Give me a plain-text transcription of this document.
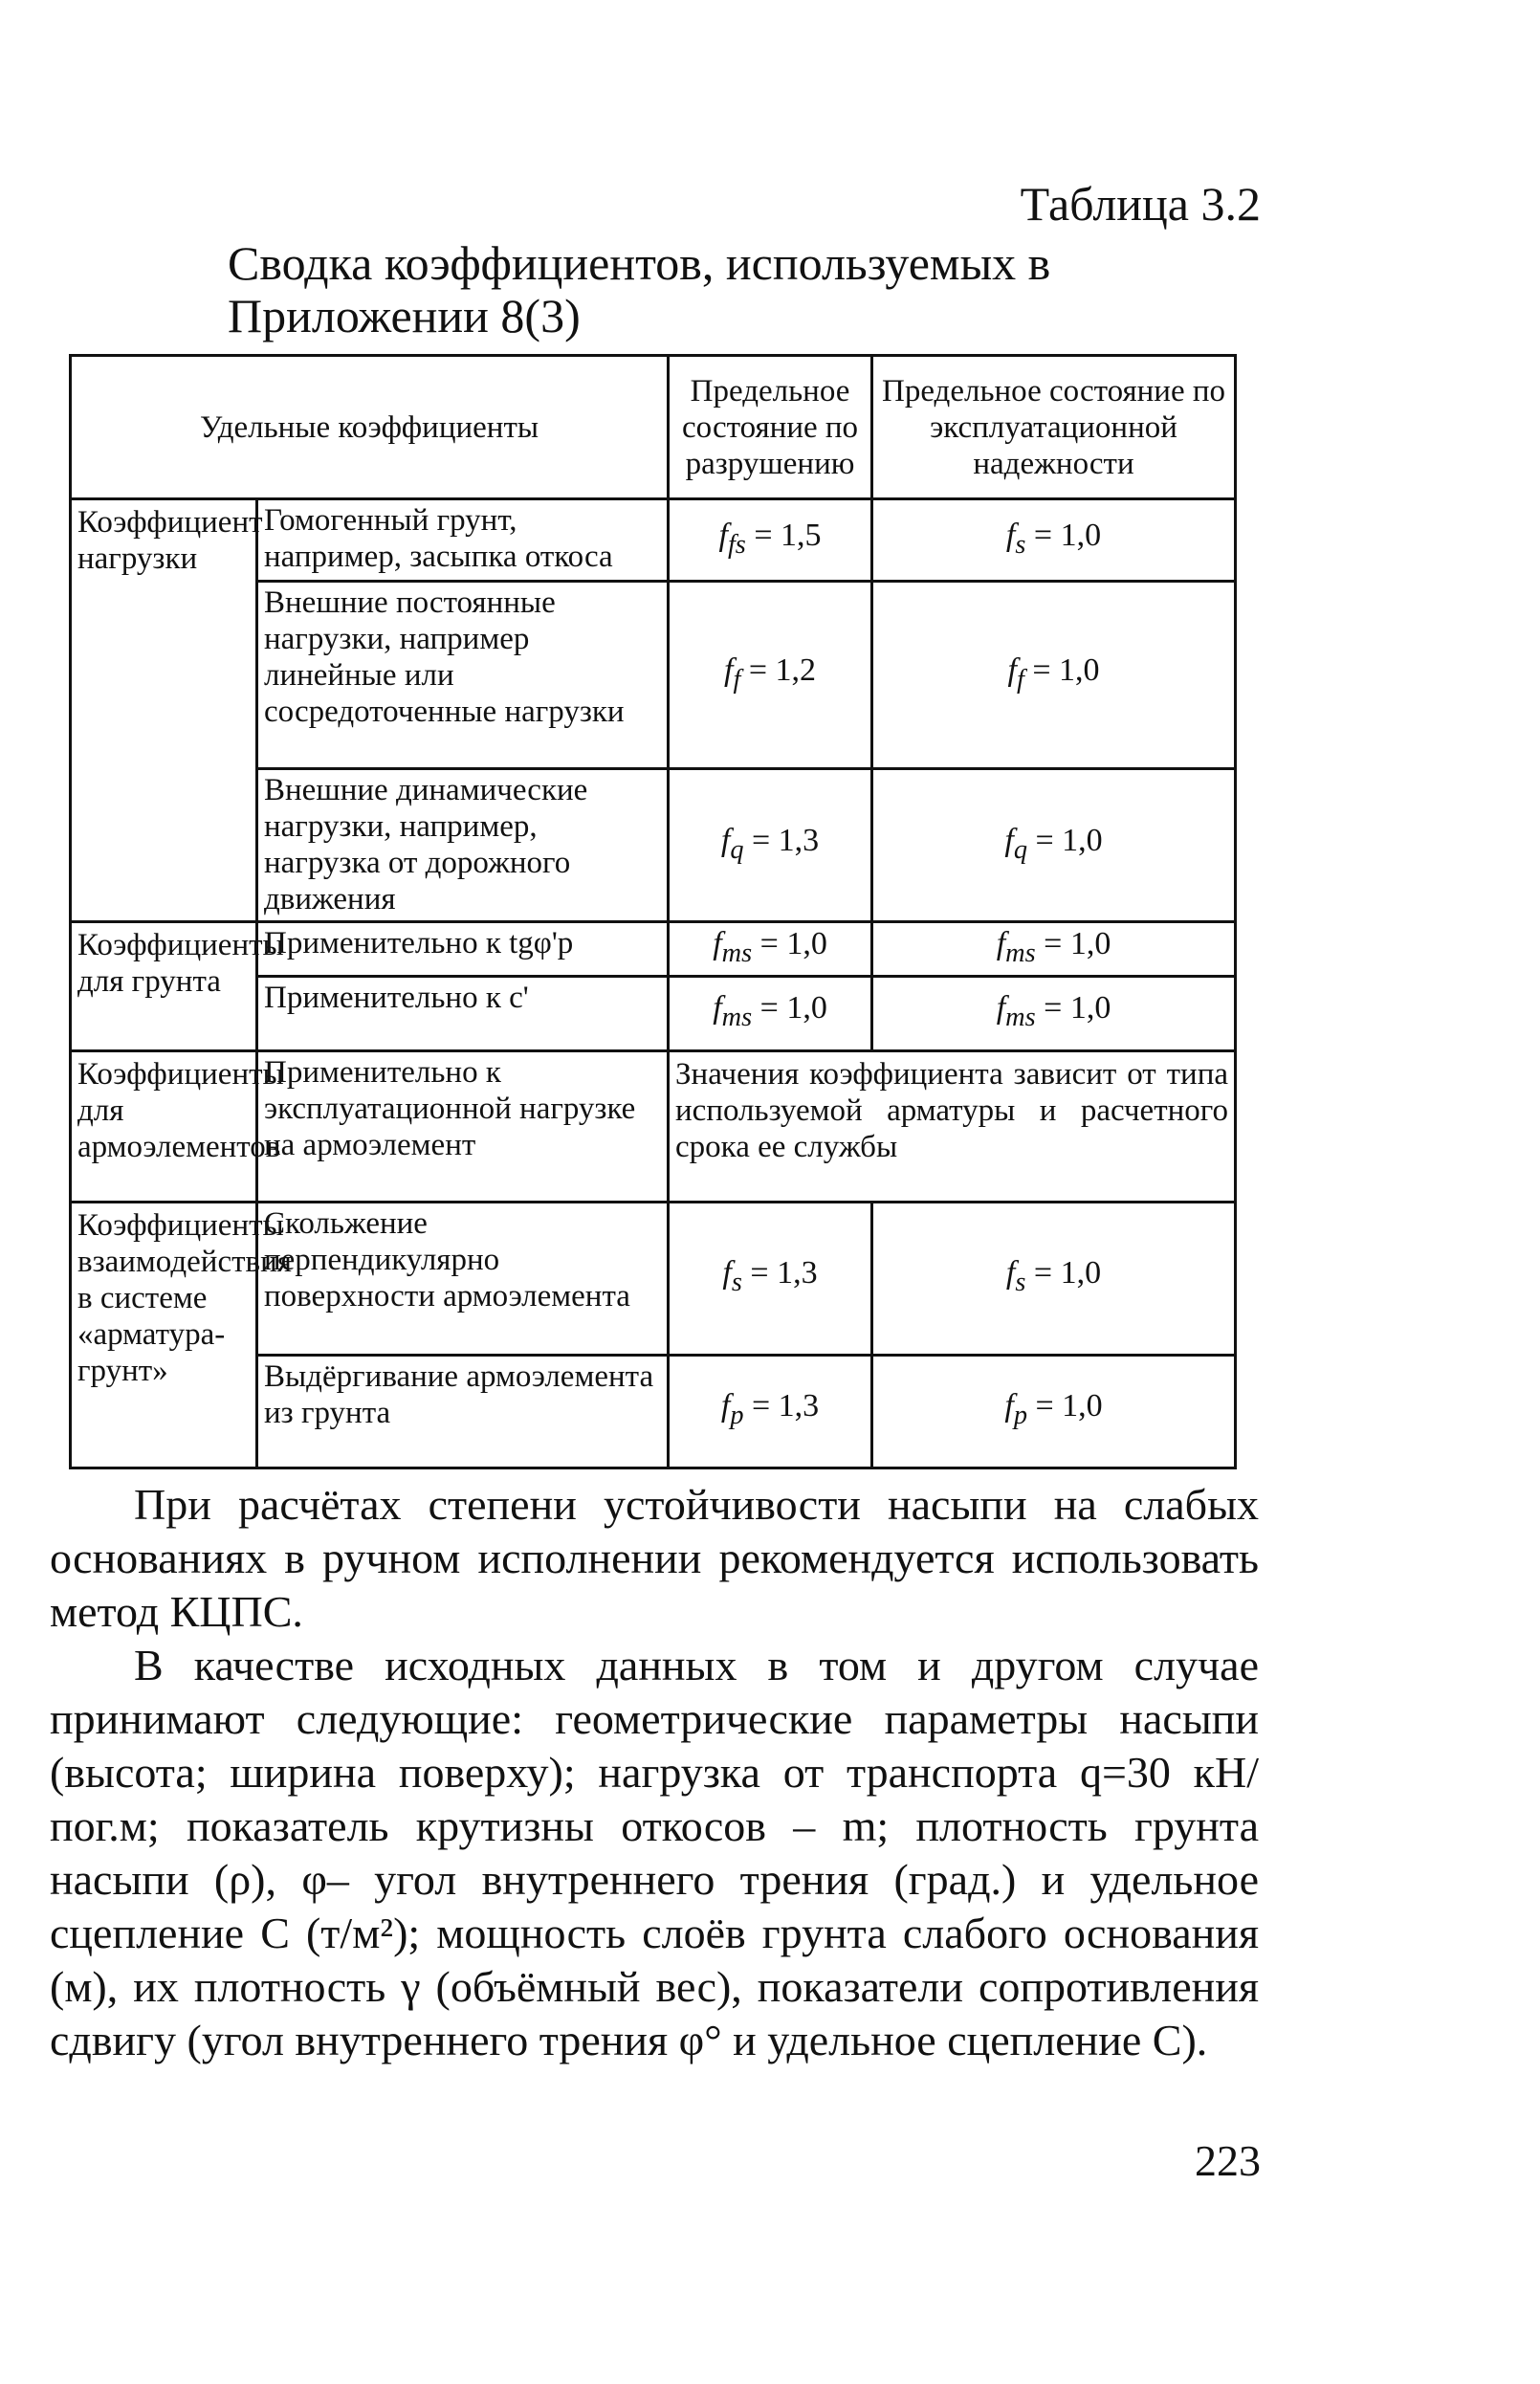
Таблица 3.2
Сводка коэффициентов, используемых в Приложении 8(3)
Удельные коэффициенты		Предельное состояние по разрушению	Предельное состояние по эксплуатационной надежности
Коэффициент нагрузки	Гомогенный грунт, например, засыпка откоса	$f_{fs} = 1,5$	$f_s = 1,0$
	Внешние постоянные нагрузки, например линейные или сосредоточенные нагрузки	$f_f = 1,2$	$f_f = 1,0$
	Внешние динамические нагрузки, например, нагрузка от дорожного движения	$f_q = 1,3$	$f_q = 1,0$
Коэффициенты для грунта	Применительно к tgφ'p	$f_{ms} = 1,0$	$f_{ms} = 1,0$
	Применительно к с'	$f_{ms} = 1,0$	$f_{ms} = 1,0$
Коэффициенты для армоэлементов	Применительно к эксплуатационной нагрузке на армоэлемент	Значения коэффициента зависит от типа используемой арматуры и расчетного срока ее службы	
Коэффициенты взаимодействия в системе «арматура-грунт»	Скольжение перпендикулярно поверхности армоэлемента	$f_s = 1,3$	$f_s = 1,0$
	Выдёргивание армоэлемента из грунта	$f_p = 1,3$	$f_p = 1,0$

При расчётах степени устойчивости насыпи на слабых основаниях в ручном исполнении рекомендуется использовать метод КЦПС.

В качестве исходных данных в том и другом случае принимают следующие: геометрические параметры насыпи (высота; ширина поверху); нагрузка от транспорта q=30 кН/пог.м; показатель крутизны откосов – m; плотность грунта насыпи (ρ), φ– угол внутреннего трения (град.) и удельное сцепление С (т/м²); мощность слоёв грунта слабого основания (м), их плотность γ (объёмный вес), показатели сопротивления сдвигу (угол внутреннего трения φ° и удельное сцепление С).

223
